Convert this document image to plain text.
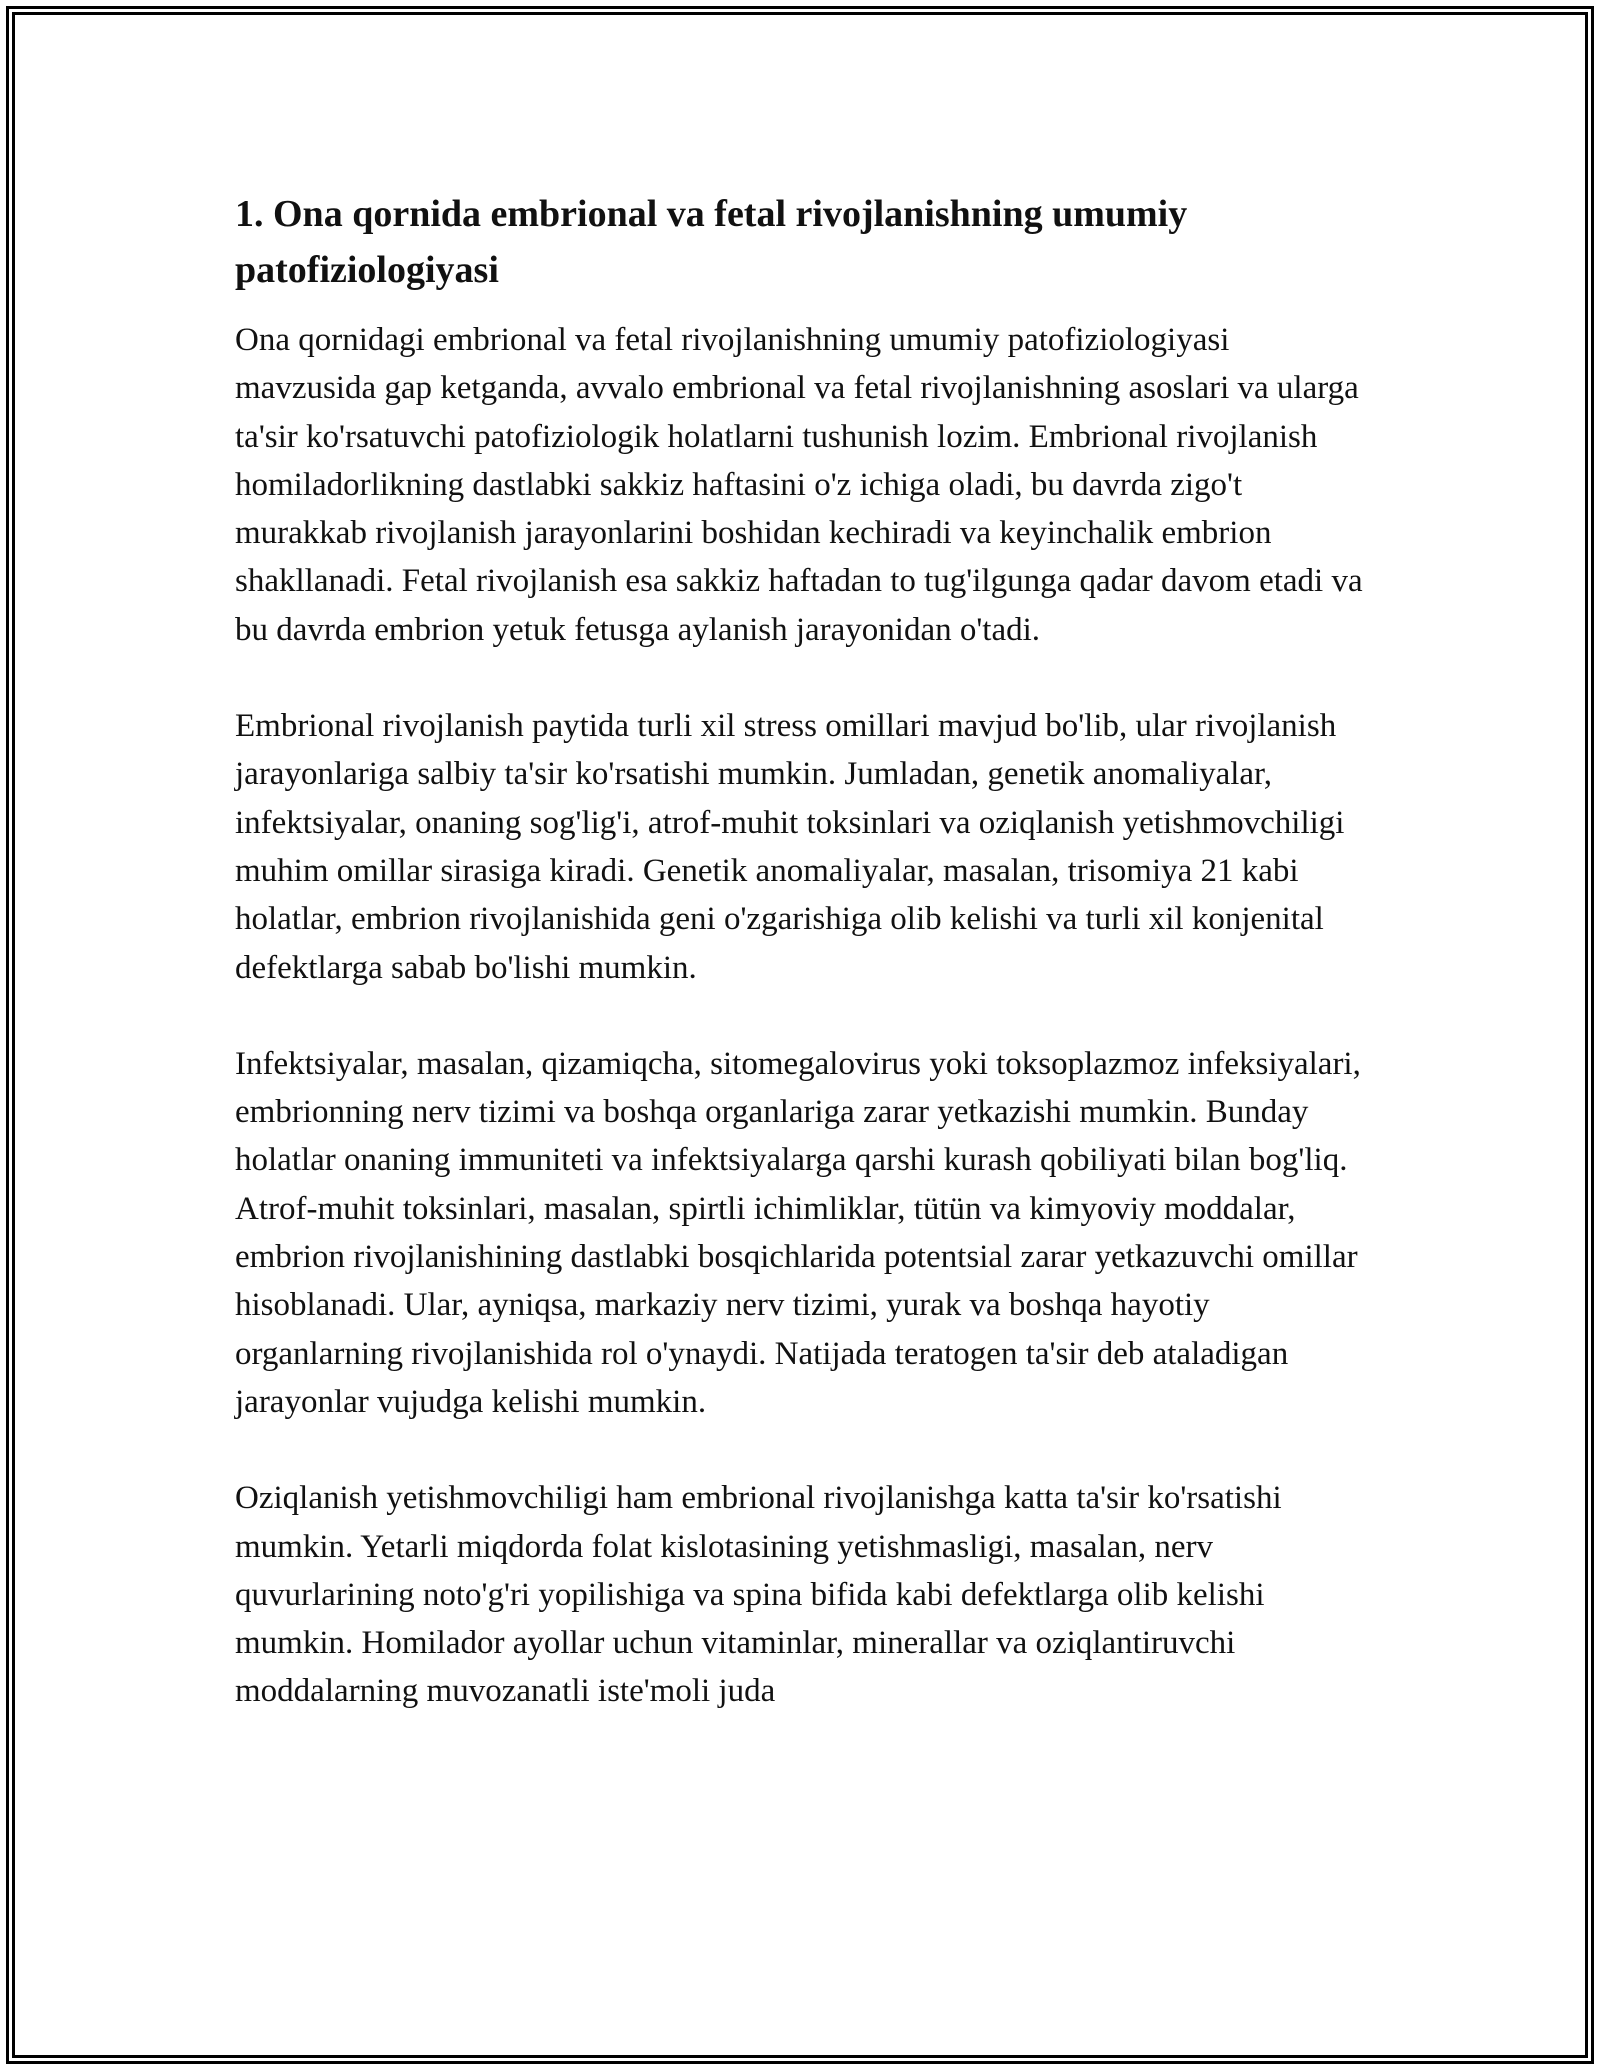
1. Ona qornida embrional va fetal rivojlanishning umumiy patofiziologiyasi

Ona qornidagi embrional va fetal rivojlanishning umumiy patofiziologiyasi mavzusida gap ketganda, avvalo embrional va fetal rivojlanishning asoslari va ularga ta'sir ko'rsatuvchi patofiziologik holatlarni tushunish lozim. Embrional rivojlanish homiladorlikning dastlabki sakkiz haftasini o'z ichiga oladi, bu davrda zigo't murakkab rivojlanish jarayonlarini boshidan kechiradi va keyinchalik embrion shakllanadi. Fetal rivojlanish esa sakkiz haftadan to tug'ilgunga qadar davom etadi va bu davrda embrion yetuk fetusga aylanish jarayonidan o'tadi.

Embrional rivojlanish paytida turli xil stress omillari mavjud bo'lib, ular rivojlanish jarayonlariga salbiy ta'sir ko'rsatishi mumkin. Jumladan, genetik anomaliyalar, infektsiyalar, onaning sog'lig'i, atrof-muhit toksinlari va oziqlanish yetishmovchiligi muhim omillar sirasiga kiradi. Genetik anomaliyalar, masalan, trisomiya 21 kabi holatlar, embrion rivojlanishida geni o'zgarishiga olib kelishi va turli xil konjenital defektlarga sabab bo'lishi mumkin.

Infektsiyalar, masalan, qizamiqcha, sitomegalovirus yoki toksoplazmoz infeksiyalari, embrionning nerv tizimi va boshqa organlariga zarar yetkazishi mumkin. Bunday holatlar onaning immuniteti va infektsiyalarga qarshi kurash qobiliyati bilan bog'liq. Atrof-muhit toksinlari, masalan, spirtli ichimliklar, tütün va kimyoviy moddalar, embrion rivojlanishining dastlabki bosqichlarida potentsial zarar yetkazuvchi omillar hisoblanadi. Ular, ayniqsa, markaziy nerv tizimi, yurak va boshqa hayotiy organlarning rivojlanishida rol o'ynaydi. Natijada teratogen ta'sir deb ataladigan jarayonlar vujudga kelishi mumkin.

Oziqlanish yetishmovchiligi ham embrional rivojlanishga katta ta'sir ko'rsatishi mumkin. Yetarli miqdorda folat kislotasining yetishmasligi, masalan, nerv quvurlarining noto'g'ri yopilishiga va spina bifida kabi defektlarga olib kelishi mumkin. Homilador ayollar uchun vitaminlar, minerallar va oziqlantiruvchi moddalarning muvozanatli iste'moli juda
